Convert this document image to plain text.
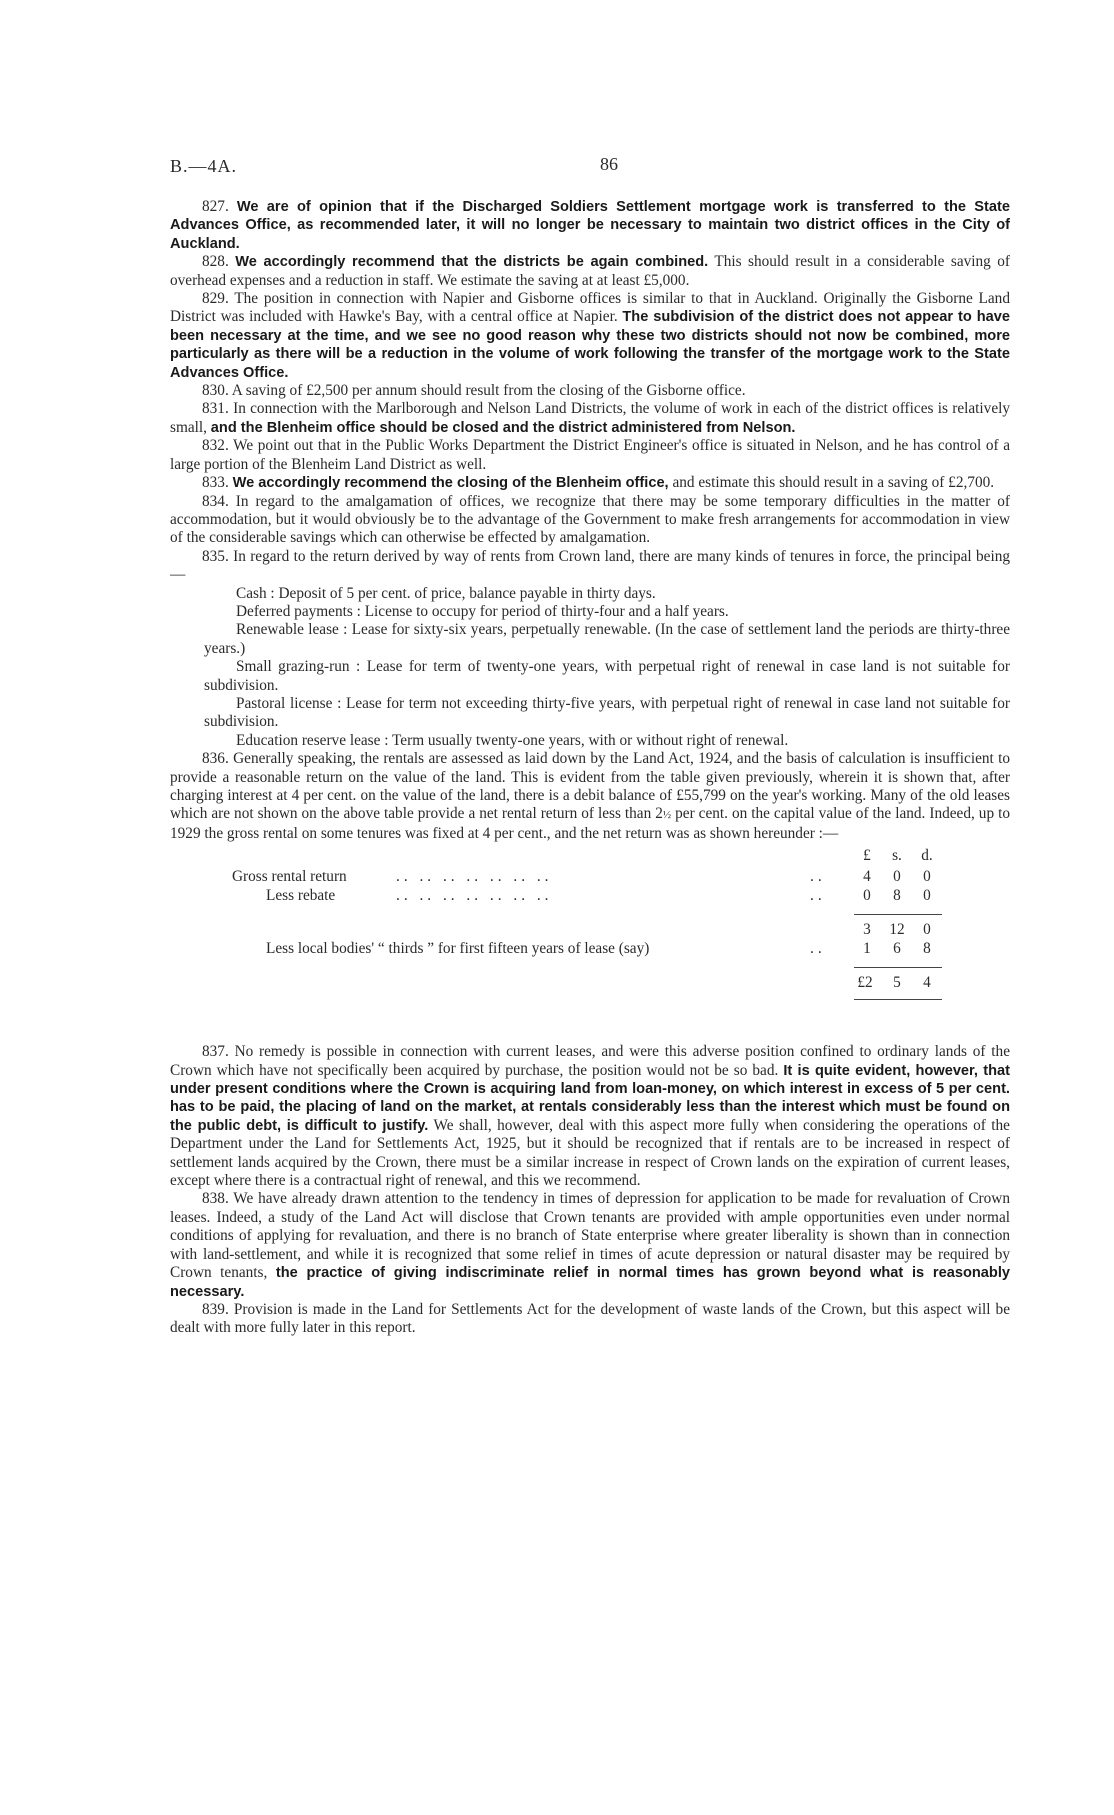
B.—4A.	86

827. We are of opinion that if the Discharged Soldiers Settlement mortgage work is transferred to the State Advances Office, as recommended later, it will no longer be necessary to maintain two district offices in the City of Auckland.

828. We accordingly recommend that the districts be again combined. This should result in a considerable saving of overhead expenses and a reduction in staff. We estimate the saving at at least £5,000.

829. The position in connection with Napier and Gisborne offices is similar to that in Auckland. Originally the Gisborne Land District was included with Hawke's Bay, with a central office at Napier. The subdivision of the district does not appear to have been necessary at the time, and we see no good reason why these two districts should not now be combined, more particularly as there will be a reduction in the volume of work following the transfer of the mortgage work to the State Advances Office.

830. A saving of £2,500 per annum should result from the closing of the Gisborne office.

831. In connection with the Marlborough and Nelson Land Districts, the volume of work in each of the district offices is relatively small, and the Blenheim office should be closed and the district administered from Nelson.

832. We point out that in the Public Works Department the District Engineer's office is situated in Nelson, and he has control of a large portion of the Blenheim Land District as well.

833. We accordingly recommend the closing of the Blenheim office, and estimate this should result in a saving of £2,700.

834. In regard to the amalgamation of offices, we recognize that there may be some temporary difficulties in the matter of accommodation, but it would obviously be to the advantage of the Government to make fresh arrangements for accommodation in view of the considerable savings which can otherwise be effected by amalgamation.

835. In regard to the return derived by way of rents from Crown land, there are many kinds of tenures in force, the principal being—

Cash : Deposit of 5 per cent. of price, balance payable in thirty days.

Deferred payments : License to occupy for period of thirty-four and a half years.

Renewable lease : Lease for sixty-six years, perpetually renewable. (In the case of settlement land the periods are thirty-three years.)

Small grazing-run : Lease for term of twenty-one years, with perpetual right of renewal in case land is not suitable for subdivision.

Pastoral license : Lease for term not exceeding thirty-five years, with perpetual right of renewal in case land not suitable for subdivision.

Education reserve lease : Term usually twenty-one years, with or without right of renewal.

836. Generally speaking, the rentals are assessed as laid down by the Land Act, 1924, and the basis of calculation is insufficient to provide a reasonable return on the value of the land. This is evident from the table given previously, wherein it is shown that, after charging interest at 4 per cent. on the value of the land, there is a debit balance of £55,799 on the year's working. Many of the old leases which are not shown on the above table provide a net rental return of less than 2½ per cent. on the capital value of the land. Indeed, up to 1929 the gross rental on some tenures was fixed at 4 per cent., and the net return was as shown hereunder :—

£	s.	d.
Gross rental return	.. .. .. .. .. .. ..	..	4	0	0
Less rebate	.. .. .. .. .. .. ..	..	0	8	0
3	12	0
Less local bodies' “ thirds ” for first fifteen years of lease (say)	..	1	6	8
£2	5	4

837. No remedy is possible in connection with current leases, and were this adverse position confined to ordinary lands of the Crown which have not specifically been acquired by purchase, the position would not be so bad. It is quite evident, however, that under present conditions where the Crown is acquiring land from loan-money, on which interest in excess of 5 per cent. has to be paid, the placing of land on the market, at rentals considerably less than the interest which must be found on the public debt, is difficult to justify. We shall, however, deal with this aspect more fully when considering the operations of the Department under the Land for Settlements Act, 1925, but it should be recognized that if rentals are to be increased in respect of settlement lands acquired by the Crown, there must be a similar increase in respect of Crown lands on the expiration of current leases, except where there is a contractual right of renewal, and this we recommend.

838. We have already drawn attention to the tendency in times of depression for application to be made for revaluation of Crown leases. Indeed, a study of the Land Act will disclose that Crown tenants are provided with ample opportunities even under normal conditions of applying for revaluation, and there is no branch of State enterprise where greater liberality is shown than in connection with land-settlement, and while it is recognized that some relief in times of acute depression or natural disaster may be required by Crown tenants, the practice of giving indiscriminate relief in normal times has grown beyond what is reasonably necessary.

839. Provision is made in the Land for Settlements Act for the development of waste lands of the Crown, but this aspect will be dealt with more fully later in this report.
